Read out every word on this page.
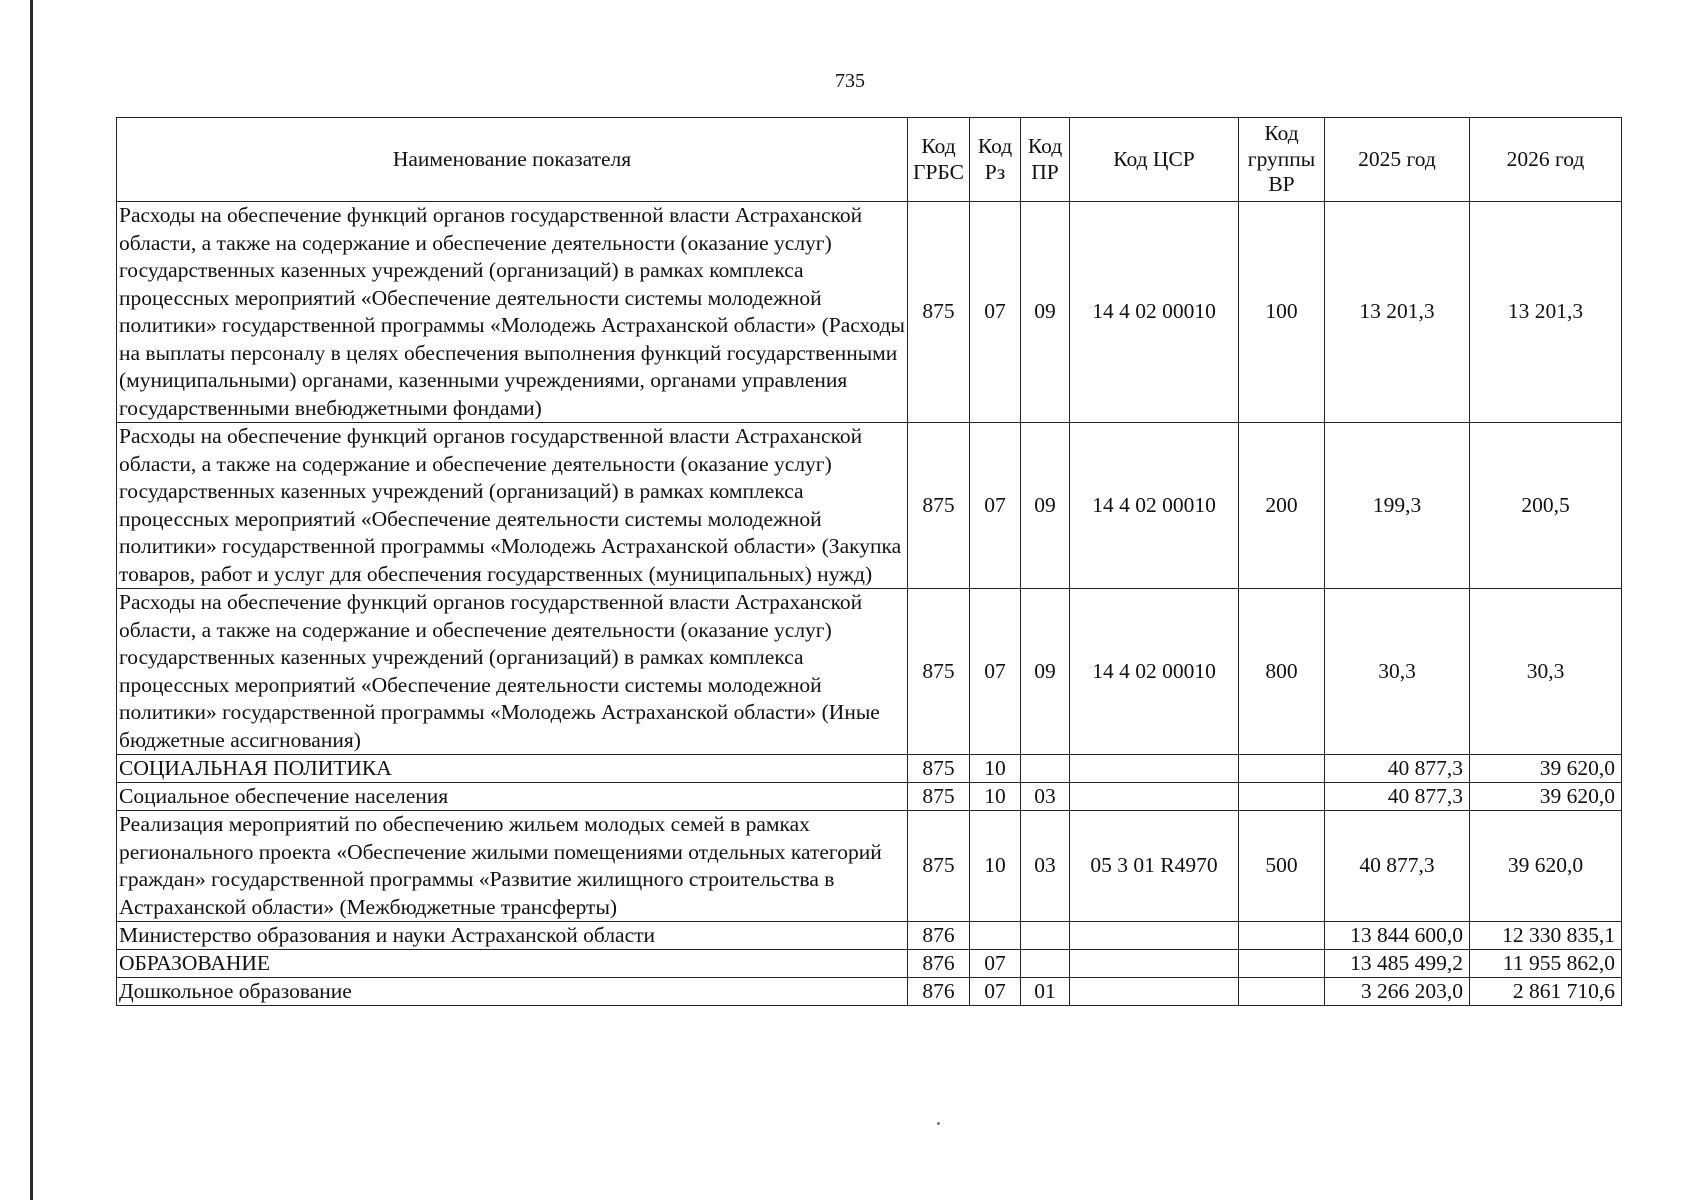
735
Наименование показателя	Код ГРБС	Код Рз	Код ПР	Код ЦСР	Код группы ВР	2025 год	2026 год
Расходы на обеспечение функций органов государственной власти Астраханской области, а также на содержание и обеспечение деятельности (оказание услуг) государственных казенных учреждений (организаций) в рамках комплекса процессных мероприятий «Обеспечение деятельности системы молодежной политики» государственной программы «Молодежь Астраханской области» (Расходы на выплаты персоналу в целях обеспечения выполнения функций государственными (муниципальными) органами, казенными учреждениями, органами управления государственными внебюджетными фондами)	875	07	09	14 4 02 00010	100	13 201,3	13 201,3
Расходы на обеспечение функций органов государственной власти Астраханской области, а также на содержание и обеспечение деятельности (оказание услуг) государственных казенных учреждений (организаций) в рамках комплекса процессных мероприятий «Обеспечение деятельности системы молодежной политики» государственной программы «Молодежь Астраханской области» (Закупка товаров, работ и услуг для обеспечения государственных (муниципальных) нужд)	875	07	09	14 4 02 00010	200	199,3	200,5
Расходы на обеспечение функций органов государственной власти Астраханской области, а также на содержание и обеспечение деятельности (оказание услуг) государственных казенных учреждений (организаций) в рамках комплекса процессных мероприятий «Обеспечение деятельности системы молодежной политики» государственной программы «Молодежь Астраханской области» (Иные бюджетные ассигнования)	875	07	09	14 4 02 00010	800	30,3	30,3
СОЦИАЛЬНАЯ ПОЛИТИКА	875	10				40 877,3	39 620,0
Социальное обеспечение населения	875	10	03			40 877,3	39 620,0
Реализация мероприятий по обеспечению жильем молодых семей в рамках регионального проекта «Обеспечение жилыми помещениями отдельных категорий граждан» государственной программы «Развитие жилищного строительства в Астраханской области» (Межбюджетные трансферты)	875	10	03	05 3 01 R4970	500	40 877,3	39 620,0
Министерство образования и науки Астраханской области	876					13 844 600,0	12 330 835,1
ОБРАЗОВАНИЕ	876	07				13 485 499,2	11 955 862,0
Дошкольное образование	876	07	01			3 266 203,0	2 861 710,6
